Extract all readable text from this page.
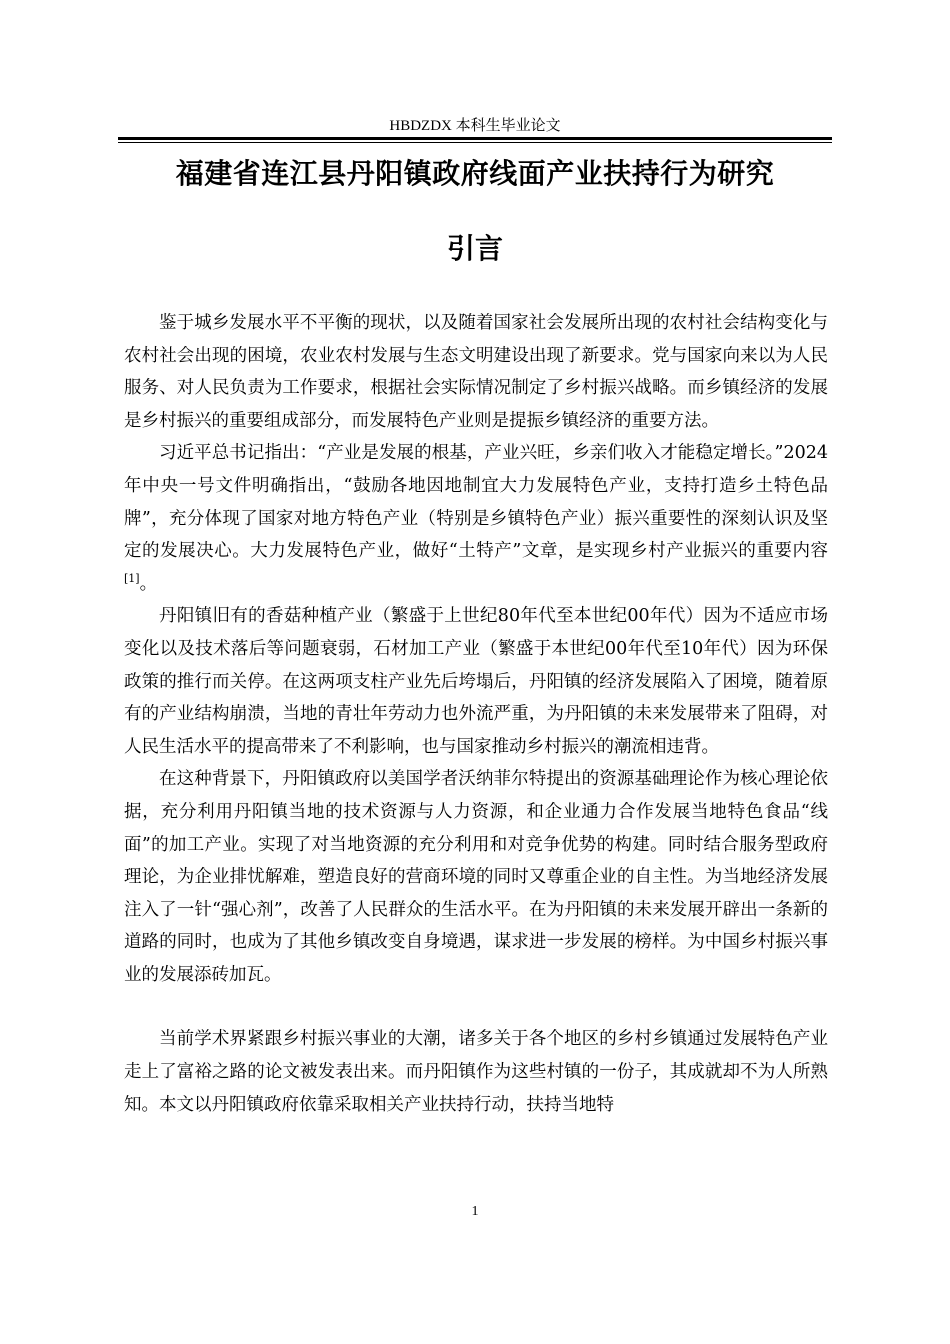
HBDZDX 本科生毕业论文
福建省连江县丹阳镇政府线面产业扶持行为研究
引言

鉴于城乡发展水平不平衡的现状，以及随着国家社会发展所出现的农村社会结构变化与农村社会出现的困境，农业农村发展与生态文明建设出现了新要求。党与国家向来以为人民服务、对人民负责为工作要求，根据社会实际情况制定了乡村振兴战略。而乡镇经济的发展是乡村振兴的重要组成部分，而发展特色产业则是提振乡镇经济的重要方法。

习近平总书记指出：“产业是发展的根基，产业兴旺，乡亲们收入才能稳定增长。”2024年中央一号文件明确指出，“鼓励各地因地制宜大力发展特色产业，支持打造乡土特色品牌”，充分体现了国家对地方特色产业（特别是乡镇特色产业）振兴重要性的深刻认识及坚定的发展决心。大力发展特色产业，做好“土特产”文章，是实现乡村产业振兴的重要内容[1]。

丹阳镇旧有的香菇种植产业（繁盛于上世纪80年代至本世纪00年代）因为不适应市场变化以及技术落后等问题衰弱，石材加工产业（繁盛于本世纪00年代至10年代）因为环保政策的推行而关停。在这两项支柱产业先后垮塌后，丹阳镇的经济发展陷入了困境，随着原有的产业结构崩溃，当地的青壮年劳动力也外流严重，为丹阳镇的未来发展带来了阻碍，对人民生活水平的提高带来了不利影响，也与国家推动乡村振兴的潮流相违背。

在这种背景下，丹阳镇政府以美国学者沃纳菲尔特提出的资源基础理论作为核心理论依据，充分利用丹阳镇当地的技术资源与人力资源，和企业通力合作发展当地特色食品“线面”的加工产业。实现了对当地资源的充分利用和对竞争优势的构建。同时结合服务型政府理论，为企业排忧解难，塑造良好的营商环境的同时又尊重企业的自主性。为当地经济发展注入了一针“强心剂”，改善了人民群众的生活水平。在为丹阳镇的未来发展开辟出一条新的道路的同时，也成为了其他乡镇改变自身境遇，谋求进一步发展的榜样。为中国乡村振兴事业的发展添砖加瓦。

当前学术界紧跟乡村振兴事业的大潮，诸多关于各个地区的乡村乡镇通过发展特色产业走上了富裕之路的论文被发表出来。而丹阳镇作为这些村镇的一份子，其成就却不为人所熟知。本文以丹阳镇政府依靠采取相关产业扶持行动，扶持当地特

1
